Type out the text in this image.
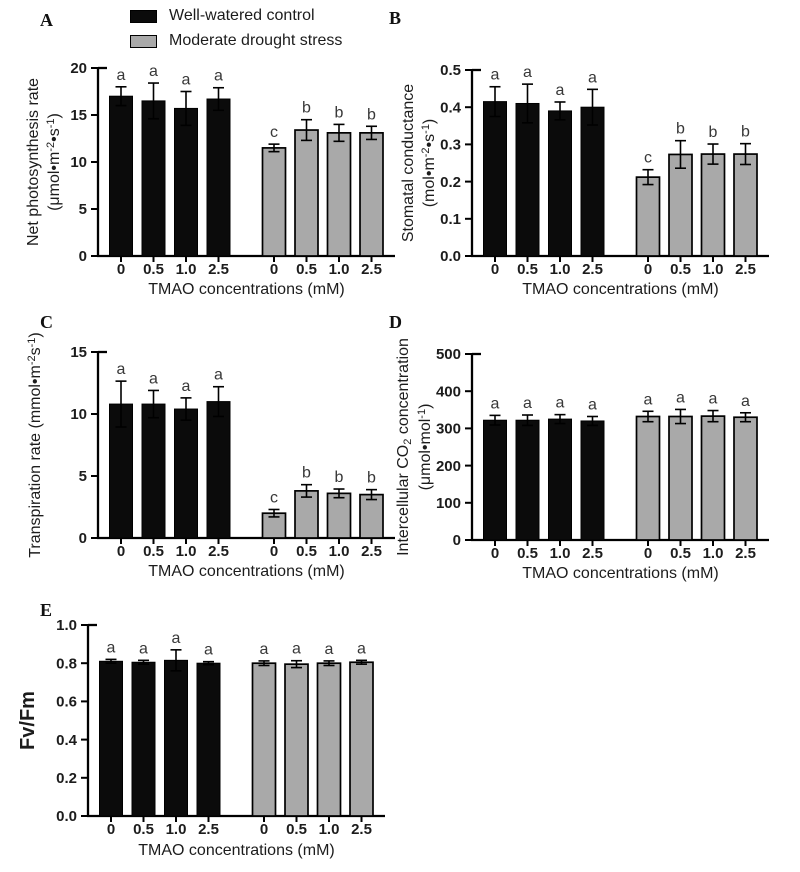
A	B
C	D
E
Well-watered control
Moderate drought stress
0
5
10
15
20 a
0
a
0.5
a
1.0
a
2.5
c
0
b
0.5
b
1.0
b
2.5
TMAO concentrations (mM)
Net photosynthesis rate $(\mu mol•m^{-2}•s^{-1})$
0.0
0.1
0.2
0.3
0.4
0.5 a
0
a
0.5
a
1.0
a
2.5
c
0
b
0.5
b
1.0
b
2.5
TMAO concentrations (mM)
Stomatal conductance $(mol•m^{-2}•s^{-1})$
0
5
10
15
a
0
a
0.5
a
1.0
a
2.5
c
0
b
0.5
b
1.0
b
2.5
TMAO concentrations (mM)
Transpiration rate $(mmol•m^{-2}s^{-1})$
0
100
200
300
400
500
a
0
a
0.5
a
1.0
a
2.5
a
0
a
0.5
a
1.0
a
2.5
TMAO concentrations (mM)
Intercellular CO2 concentration
(μmol•mol$^{-1}$)
0.0
0.2
0.4
0.6
0.8
1.0
a
0
a
0.5
a
1.0
a
2.5
a
0
a
0.5
a
1.0
a
2.5
TMAO concentrations (mM)
Fv/Fm
